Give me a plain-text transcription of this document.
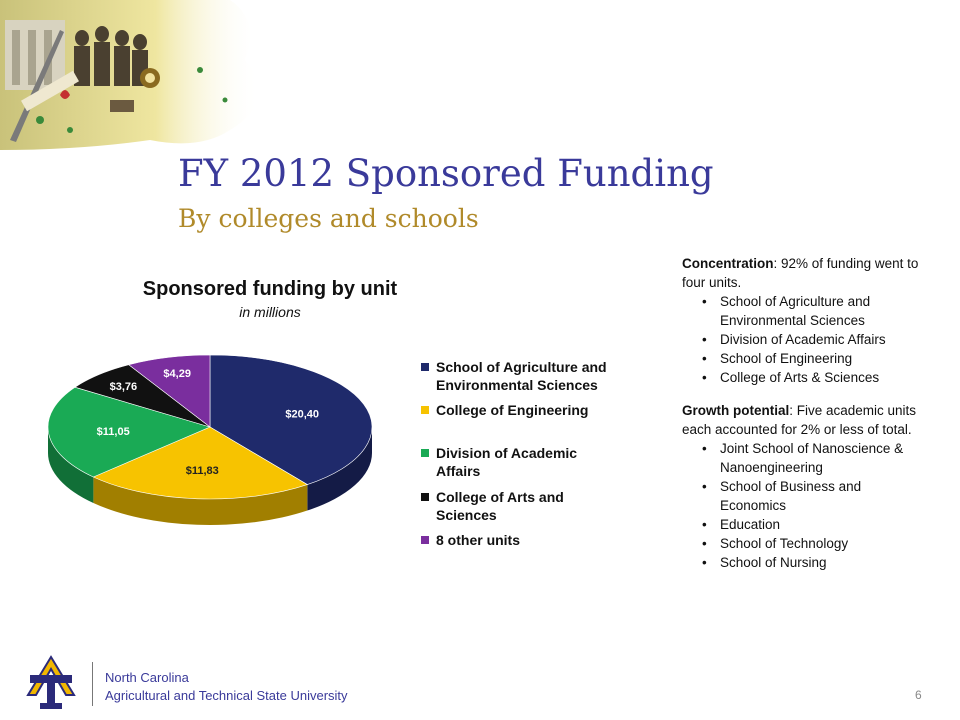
FY 2012 Sponsored Funding
By colleges and schools
Sponsored funding by unit
in millions
$20,40
$11,83
$11,05
$3,76
$4,29	School of Agriculture and
Environmental Sciences
College of Engineering
Division of Academic
Affairs
College of Arts and
Sciences
8 other units

Concentration: 92% of funding went to four units.

• School of Agriculture and Environmental Sciences
• Division of Academic Affairs
• School of Engineering
• College of Arts & Sciences

Growth potential: Five academic units each accounted for 2% or less of total.

• Joint School of Nanoscience & Nanoengineering
• School of Business and Economics
• Education
• School of Technology
• School of Nursing
North Carolina
Agricultural and Technical State University	6
